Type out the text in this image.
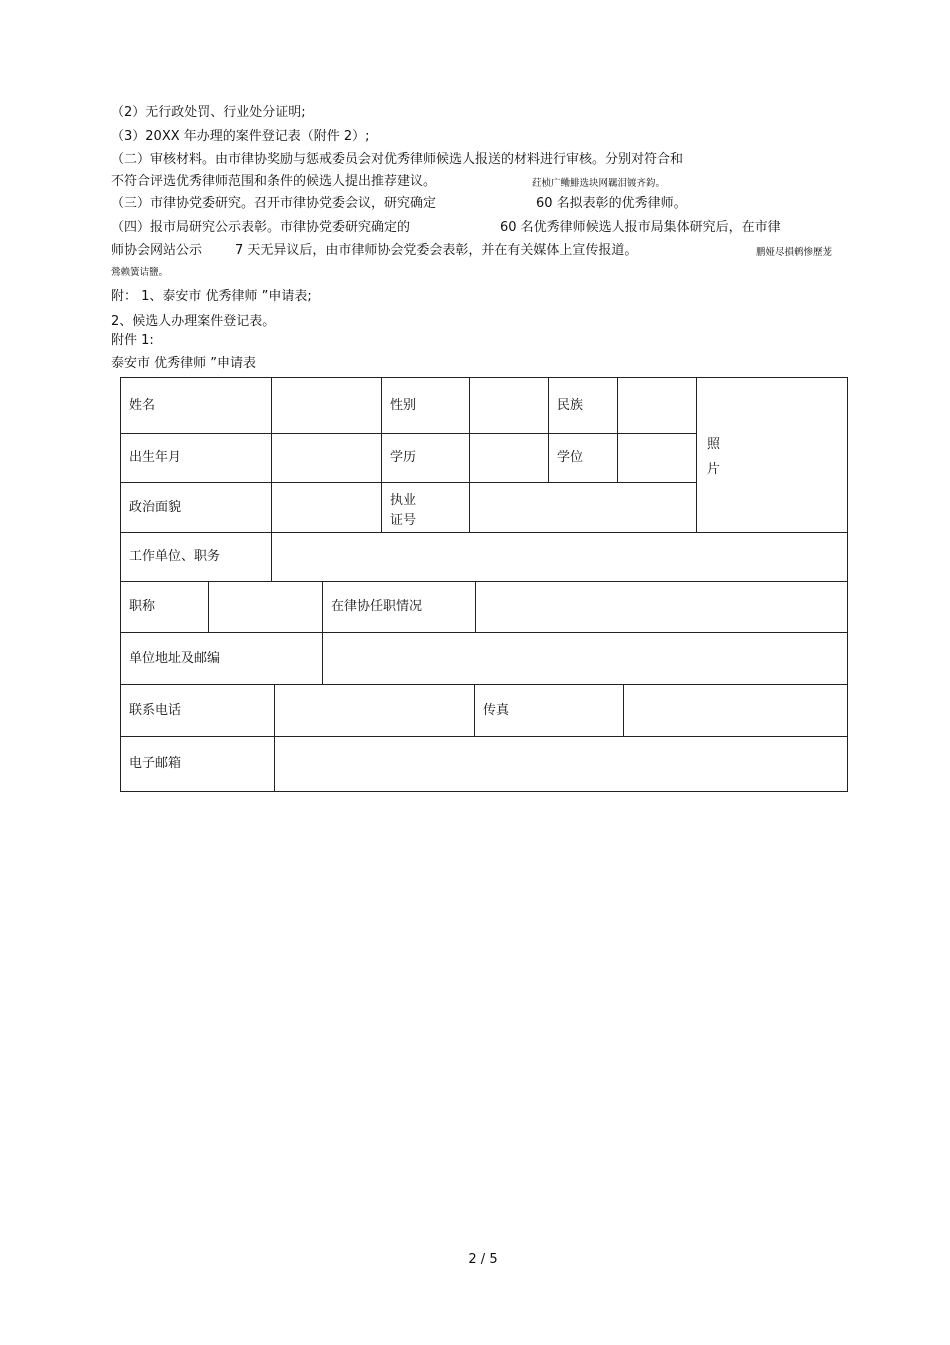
（2）无行政处罚、行业处分证明;
（3）20XX 年办理的案件登记表（附件 2）;
（二）审核材料。由市律协奖励与惩戒委员会对优秀律师候选人报送的材料进行审核。分别对符合和
不符合评选优秀律师范围和条件的候选人提出推荐建议。	荭桢广鳓鯡选块网羈泪镀齐鈞。
（三）市律协党委研究。召开市律协党委会议，研究确定	60 名拟表彰的优秀律师。
（四）报市局研究公示表彰。市律协党委研究确定的	60 名优秀律师候选人报市局集体研究后，在市律
师协会网站公示	7 天无异议后，由市律师协会党委会表彰，并在有关媒体上宣传报道。	鹏娅尽損鹌惨歷茏
鶯赖簧诘鹽。
附： 1、泰安市 优秀律师 ”申请表;
2、候选人办理案件登记表。
附件 1:
泰安市 优秀律师 ”申请表
姓名	性别	民族
照
片
出生年月	学历	学位
政治面貌	执业
证号
工作单位、职务
职称	在律协任职情况
单位地址及邮编
联系电话	传真
电子邮箱
2 / 5
